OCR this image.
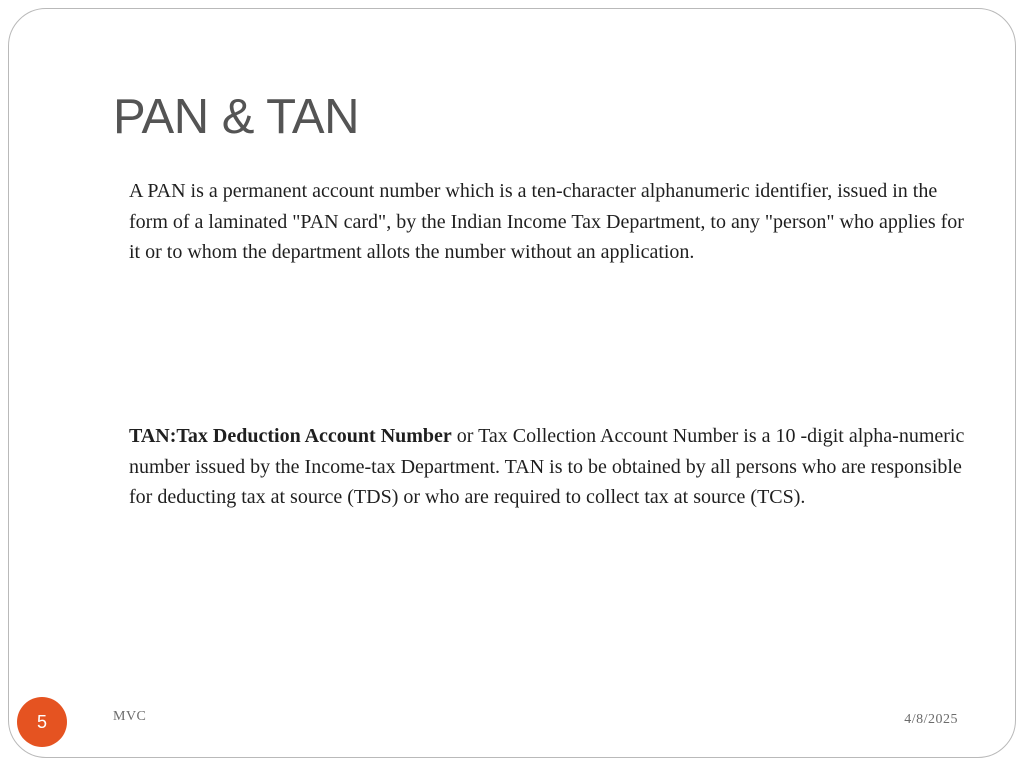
PAN & TAN

A PAN is a permanent account number which is a ten-character alphanumeric identifier, issued in the form of a laminated "PAN card", by the Indian Income Tax Department, to any "person" who applies for it or to whom the department allots the number without an application.

TAN:Tax Deduction Account Number or Tax Collection Account Number is a 10 -digit alpha-numeric number issued by the Income-tax Department. TAN is to be obtained by all persons who are responsible for deducting tax at source (TDS) or who are required to collect tax at source (TCS).

5	MVC	4/8/2025
